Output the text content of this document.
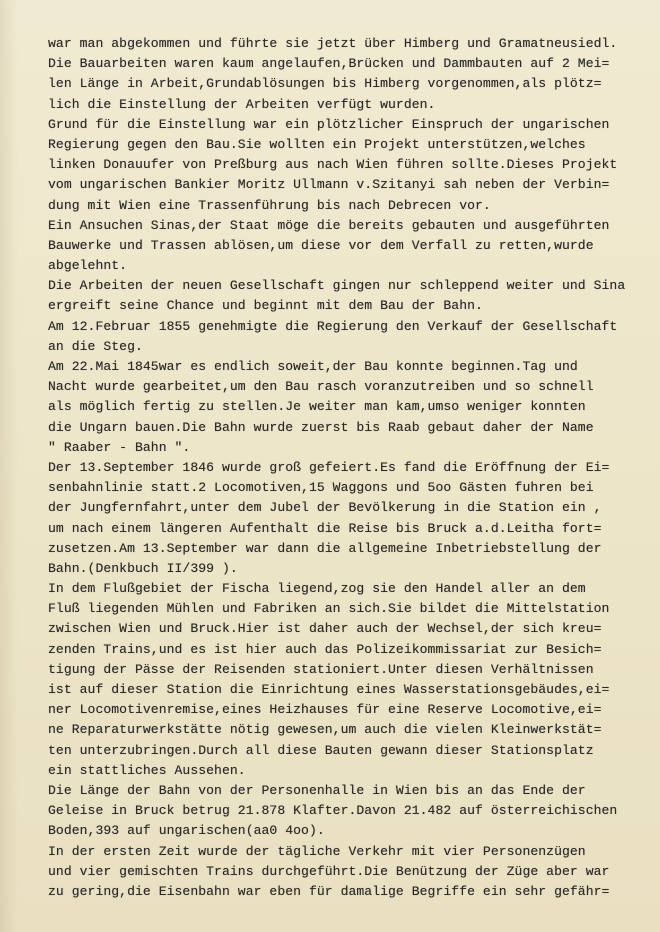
war man abgekommen und führte sie jetzt über Himberg und Gramatneusiedl.
Die Bauarbeiten waren kaum angelaufen,Brücken und Dammbauten auf 2 Mei=
len Länge in Arbeit,Grundablösungen bis Himberg vorgenommen,als plötz=
lich die Einstellung der Arbeiten verfügt wurden.
Grund für die Einstellung war ein plötzlicher Einspruch der ungarischen
Regierung gegen den Bau.Sie wollten ein Projekt unterstützen,welches
linken Donauufer von Preßburg aus nach Wien führen sollte.Dieses Projekt
vom ungarischen Bankier Moritz Ullmann v.Szitanyi sah neben der Verbin=
dung mit Wien eine Trassenführung bis nach Debrecen vor.
Ein Ansuchen Sinas,der Staat möge die bereits gebauten und ausgeführten
Bauwerke und Trassen ablösen,um diese vor dem Verfall zu retten,wurde
abgelehnt.
Die Arbeiten der neuen Gesellschaft gingen nur schleppend weiter und Sina
ergreift seine Chance und beginnt mit dem Bau der Bahn.
Am 12.Februar 1855 genehmigte die Regierung den Verkauf der Gesellschaft
an die Steg.
Am 22.Mai 1845war es endlich soweit,der Bau konnte beginnen.Tag und
Nacht wurde gearbeitet,um den Bau rasch voranzutreiben und so schnell
als möglich fertig zu stellen.Je weiter man kam,umso weniger konnten
die Ungarn bauen.Die Bahn wurde zuerst bis Raab gebaut daher der Name
" Raaber - Bahn ".
Der 13.September 1846 wurde groß gefeiert.Es fand die Eröffnung der Ei=
senbahnlinie statt.2 Locomotiven,15 Waggons und 5oo Gästen fuhren bei
der Jungfernfahrt,unter dem Jubel der Bevölkerung in die Station ein ,
um nach einem längeren Aufenthalt die Reise bis Bruck a.d.Leitha fort=
zusetzen.Am 13.September war dann die allgemeine Inbetriebstellung der
Bahn.(Denkbuch II/399 ).
In dem Flußgebiet der Fischa liegend,zog sie den Handel aller an dem
Fluß liegenden Mühlen und Fabriken an sich.Sie bildet die Mittelstation
zwischen Wien und Bruck.Hier ist daher auch der Wechsel,der sich kreu=
zenden Trains,und es ist hier auch das Polizeikommissariat zur Besich=
tigung der Pässe der Reisenden stationiert.Unter diesen Verhältnissen
ist auf dieser Station die Einrichtung eines Wasserstationsgebäudes,ei=
ner Locomotivenremise,eines Heizhauses für eine Reserve Locomotive,ei=
ne Reparaturwerkstätte nötig gewesen,um auch die vielen Kleinwerkstät=
ten unterzubringen.Durch all diese Bauten gewann dieser Stationsplatz
ein stattliches Aussehen.
Die Länge der Bahn von der Personenhalle in Wien bis an das Ende der
Geleise in Bruck betrug 21.878 Klafter.Davon 21.482 auf österreichischen
Boden,393 auf ungarischen(aa0 4oo).
In der ersten Zeit wurde der tägliche Verkehr mit vier Personenzügen
und vier gemischten Trains durchgeführt.Die Benützung der Züge aber war
zu gering,die Eisenbahn war eben für damalige Begriffe ein sehr gefähr=
